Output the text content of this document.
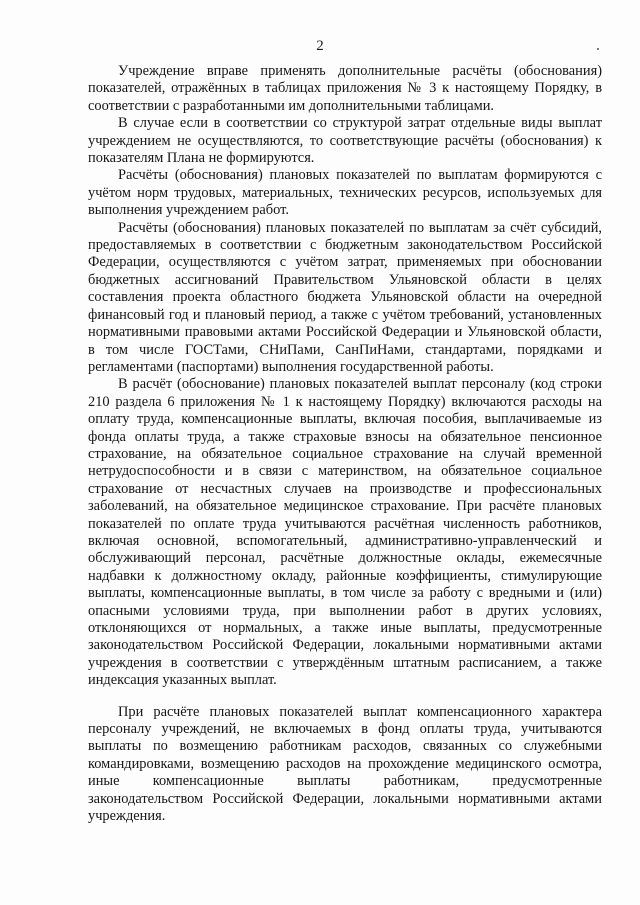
2

Учреждение вправе применять дополнительные расчёты (обоснования) показателей, отражённых в таблицах приложения № 3 к настоящему Порядку, в соответствии с разработанными им дополнительными таблицами.

В случае если в соответствии со структурой затрат отдельные виды выплат учреждением не осуществляются, то соответствующие расчёты (обоснования) к показателям Плана не формируются.

Расчёты (обоснования) плановых показателей по выплатам формируются с учётом норм трудовых, материальных, технических ресурсов, используемых для выполнения учреждением работ.

Расчёты (обоснования) плановых показателей по выплатам за счёт субсидий, предоставляемых в соответствии с бюджетным законодательством Российской Федерации, осуществляются с учётом затрат, применяемых при обосновании бюджетных ассигнований Правительством Ульяновской области в целях составления проекта областного бюджета Ульяновской области на очередной финансовый год и плановый период, а также с учётом требований, установленных нормативными правовыми актами Российской Федерации и Ульяновской области, в том числе ГОСТами, СНиПами, СанПиНами, стандартами, порядками и регламентами (паспортами) выполнения государственной работы.

В расчёт (обоснование) плановых показателей выплат персоналу (код строки 210 раздела 6 приложения № 1 к настоящему Порядку) включаются расходы на оплату труда, компенсационные выплаты, включая пособия, выплачиваемые из фонда оплаты труда, а также страховые взносы на обязательное пенсионное страхование, на обязательное социальное страхование на случай временной нетрудоспособности и в связи с материнством, на обязательное социальное страхование от несчастных случаев на производстве и профессиональных заболеваний, на обязательное медицинское страхование. При расчёте плановых показателей по оплате труда учитываются расчётная численность работников, включая основной, вспомогательный, административно-управленческий и обслуживающий персонал, расчётные должностные оклады, ежемесячные надбавки к должностному окладу, районные коэффициенты, стимулирующие выплаты, компенсационные выплаты, в том числе за работу с вредными и (или) опасными условиями труда, при выполнении работ в других условиях, отклоняющихся от нормальных, а также иные выплаты, предусмотренные законодательством Российской Федерации, локальными нормативными актами учреждения в соответствии с утверждённым штатным расписанием, а также индексация указанных выплат.

При расчёте плановых показателей выплат компенсационного характера персоналу учреждений, не включаемых в фонд оплаты труда, учитываются выплаты по возмещению работникам расходов, связанных со служебными командировками, возмещению расходов на прохождение медицинского осмотра, иные компенсационные выплаты работникам, предусмотренные законодательством Российской Федерации, локальными нормативными актами учреждения.
